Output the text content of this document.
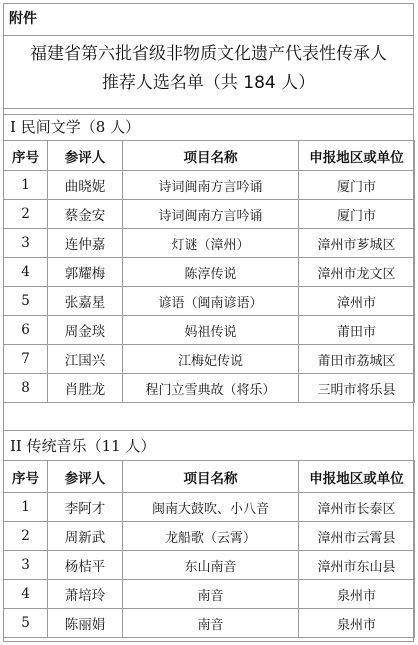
附件
福建省第六批省级非物质文化遗产代表性传承人
推荐人选名单（共 184 人）
I 民间文学（8 人）
序号	参评人	项目名称	申报地区或单位
1	曲晓妮	诗词闽南方言吟诵	厦门市
2	蔡金安	诗词闽南方言吟诵	厦门市
3	连仲嘉	灯谜（漳州）	漳州市芗城区
4	郭耀梅	陈淳传说	漳州市龙文区
5	张嘉星	谚语（闽南谚语）	漳州市
6	周金琰	妈祖传说	莆田市
7	江国兴	江梅妃传说	莆田市荔城区
8	肖胜龙	程门立雪典故（将乐）	三明市将乐县
II 传统音乐（11 人）
序号	参评人	项目名称	申报地区或单位
1	李阿才	闽南大鼓吹、小八音	漳州市长泰区
2	周新武	龙船歌（云霄）	漳州市云霄县
3	杨桔平	东山南音	漳州市东山县
4	萧培玲	南音	泉州市
5	陈丽娟	南音	泉州市
